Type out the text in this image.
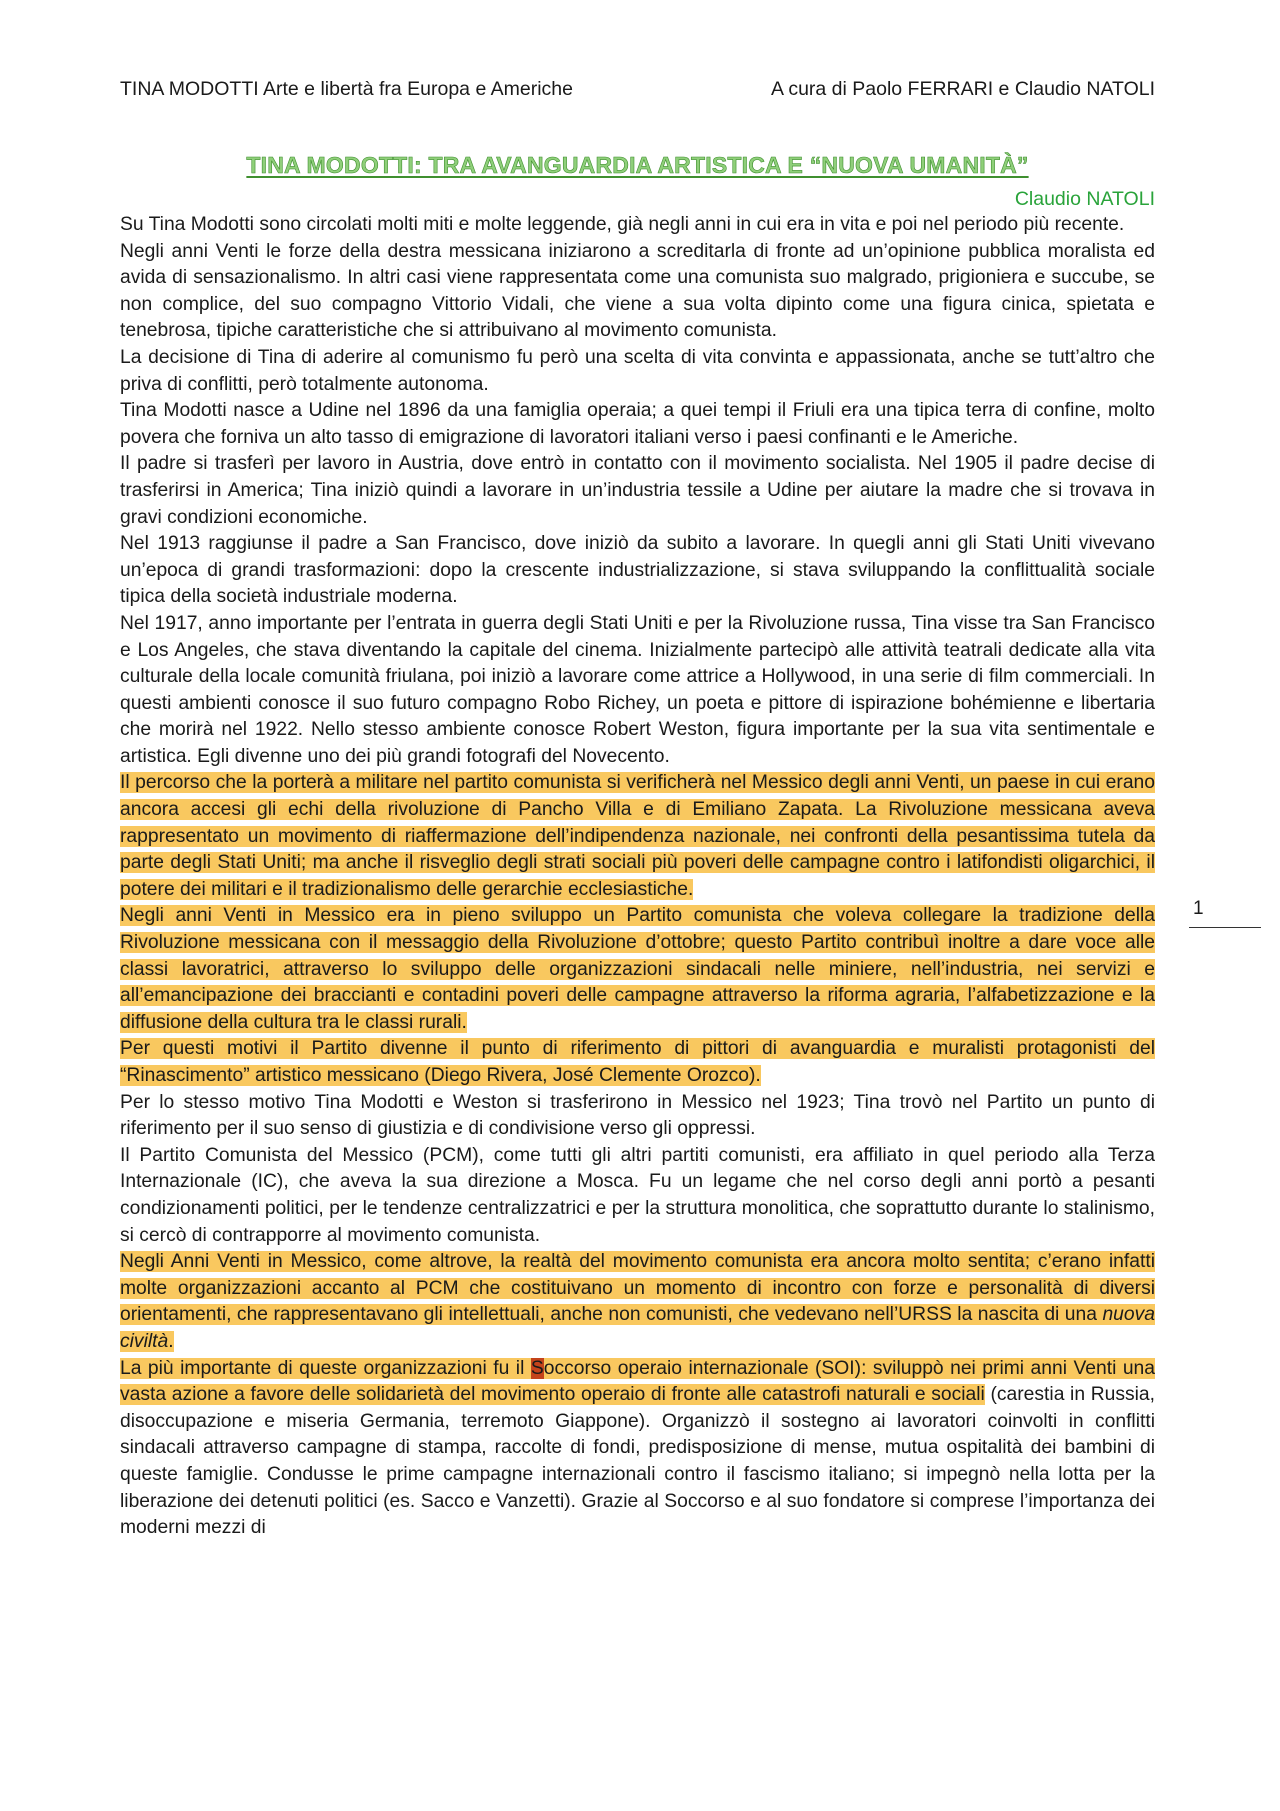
TINA MODOTTI Arte e libertà fra Europa e Americhe	A cura di Paolo FERRARI e Claudio NATOLI
TINA MODOTTI: TRA AVANGUARDIA ARTISTICA E “NUOVA UMANITÀ”
Claudio NATOLI

Su Tina Modotti sono circolati molti miti e molte leggende, già negli anni in cui era in vita e poi nel periodo più recente.

Negli anni Venti le forze della destra messicana iniziarono a screditarla di fronte ad un’opinione pubblica moralista ed avida di sensazionalismo. In altri casi viene rappresentata come una comunista suo malgrado, prigioniera e succube, se non complice, del suo compagno Vittorio Vidali, che viene a sua volta dipinto come una figura cinica, spietata e tenebrosa, tipiche caratteristiche che si attribuivano al movimento comunista.

La decisione di Tina di aderire al comunismo fu però una scelta di vita convinta e appassionata, anche se tutt’altro che priva di conflitti, però totalmente autonoma.

Tina Modotti nasce a Udine nel 1896 da una famiglia operaia; a quei tempi il Friuli era una tipica terra di confine, molto povera che forniva un alto tasso di emigrazione di lavoratori italiani verso i paesi confinanti e le Americhe.

Il padre si trasferì per lavoro in Austria, dove entrò in contatto con il movimento socialista. Nel 1905 il padre decise di trasferirsi in America; Tina iniziò quindi a lavorare in un’industria tessile a Udine per aiutare la madre che si trovava in gravi condizioni economiche.

Nel 1913 raggiunse il padre a San Francisco, dove iniziò da subito a lavorare. In quegli anni gli Stati Uniti vivevano un’epoca di grandi trasformazioni: dopo la crescente industrializzazione, si stava sviluppando la conflittualità sociale tipica della società industriale moderna.

Nel 1917, anno importante per l’entrata in guerra degli Stati Uniti e per la Rivoluzione russa, Tina visse tra San Francisco e Los Angeles, che stava diventando la capitale del cinema. Inizialmente partecipò alle attività teatrali dedicate alla vita culturale della locale comunità friulana, poi iniziò a lavorare come attrice a Hollywood, in una serie di film commerciali. In questi ambienti conosce il suo futuro compagno Robo Richey, un poeta e pittore di ispirazione bohémienne e libertaria che morirà nel 1922. Nello stesso ambiente conosce Robert Weston, figura importante per la sua vita sentimentale e artistica. Egli divenne uno dei più grandi fotografi del Novecento.

Il percorso che la porterà a militare nel partito comunista si verificherà nel Messico degli anni Venti, un paese in cui erano ancora accesi gli echi della rivoluzione di Pancho Villa e di Emiliano Zapata. La Rivoluzione messicana aveva rappresentato un movimento di riaffermazione dell’indipendenza nazionale, nei confronti della pesantissima tutela da parte degli Stati Uniti; ma anche il risveglio degli strati sociali più poveri delle campagne contro i latifondisti oligarchici, il potere dei militari e il tradizionalismo delle gerarchie ecclesiastiche.

Negli anni Venti in Messico era in pieno sviluppo un Partito comunista che voleva collegare la tradizione della Rivoluzione messicana con il messaggio della Rivoluzione d’ottobre; questo Partito contribuì inoltre a dare voce alle classi lavoratrici, attraverso lo sviluppo delle organizzazioni sindacali nelle miniere, nell’industria, nei servizi e all’emancipazione dei braccianti e contadini poveri delle campagne attraverso la riforma agraria, l’alfabetizzazione e la diffusione della cultura tra le classi rurali.

Per questi motivi il Partito divenne il punto di riferimento di pittori di avanguardia e muralisti protagonisti del “Rinascimento” artistico messicano (Diego Rivera, José Clemente Orozco).

Per lo stesso motivo Tina Modotti e Weston si trasferirono in Messico nel 1923; Tina trovò nel Partito un punto di riferimento per il suo senso di giustizia e di condivisione verso gli oppressi.

Il Partito Comunista del Messico (PCM), come tutti gli altri partiti comunisti, era affiliato in quel periodo alla Terza Internazionale (IC), che aveva la sua direzione a Mosca. Fu un legame che nel corso degli anni portò a pesanti condizionamenti politici, per le tendenze centralizzatrici e per la struttura monolitica, che soprattutto durante lo stalinismo, si cercò di contrapporre al movimento comunista.

Negli Anni Venti in Messico, come altrove, la realtà del movimento comunista era ancora molto sentita; c’erano infatti molte organizzazioni accanto al PCM che costituivano un momento di incontro con forze e personalità di diversi orientamenti, che rappresentavano gli intellettuali, anche non comunisti, che vedevano nell’URSS la nascita di una nuova civiltà.

La più importante di queste organizzazioni fu il Soccorso operaio internazionale (SOI): sviluppò nei primi anni Venti una vasta azione a favore delle solidarietà del movimento operaio di fronte alle catastrofi naturali e sociali (carestia in Russia, disoccupazione e miseria Germania, terremoto Giappone). Organizzò il sostegno ai lavoratori coinvolti in conflitti sindacali attraverso campagne di stampa, raccolte di fondi, predisposizione di mense, mutua ospitalità dei bambini di queste famiglie. Condusse le prime campagne internazionali contro il fascismo italiano; si impegnò nella lotta per la liberazione dei detenuti politici (es. Sacco e Vanzetti). Grazie al Soccorso e al suo fondatore si comprese l’importanza dei moderni mezzi di

1
